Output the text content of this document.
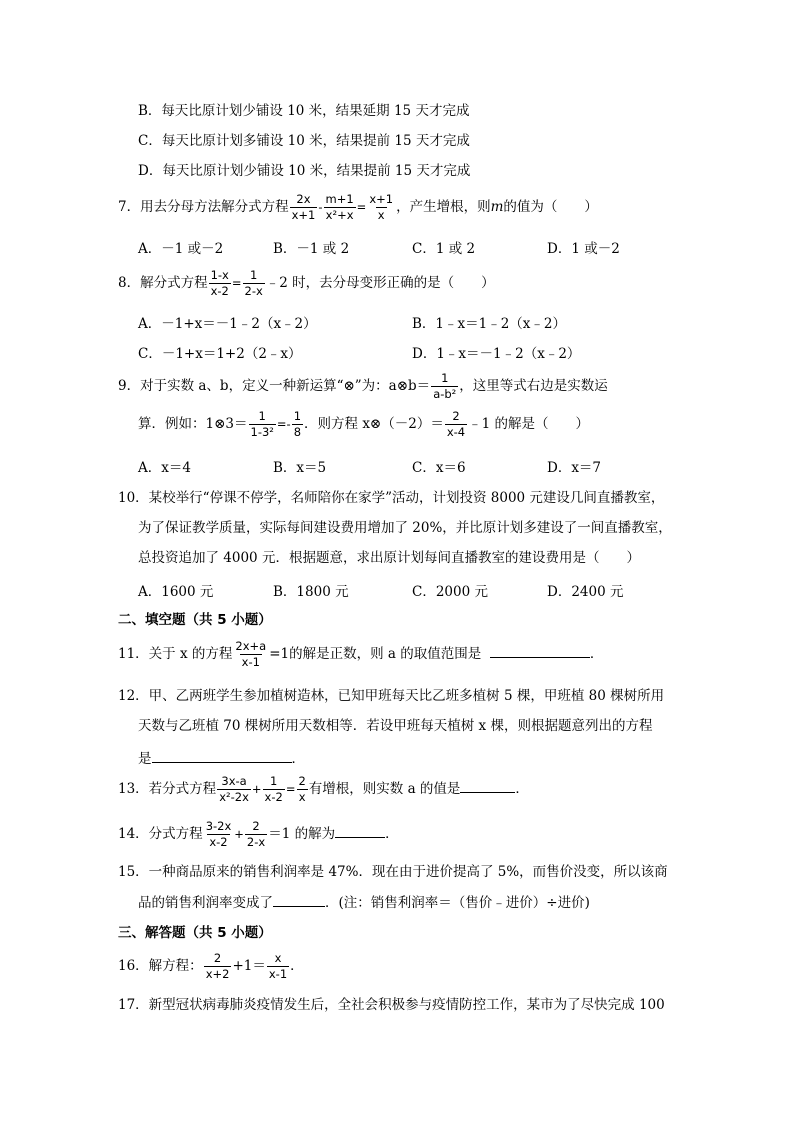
B．每天比原计划少铺设 10 米，结果延期 15 天才完成
C．每天比原计划多铺设 10 米，结果提前 15 天才完成
D．每天比原计划少铺设 10 米，结果提前 15 天才完成
7．用去分母方法解分式方程 $\frac{2x}{x+1} - \frac{m+1}{\text{x²+x}} = \frac{x+1}{x}$ ，产生增根，则m的值为（　　）
A．－1 或－2	B．－1 或 2	C．1 或 2	D．1 或－2
8．解分式方程 $\frac{1-x}{x-2} = \frac{1}{2-x}$ ﹣2 时，去分母变形正确的是（　　）
A．－1+x＝－1﹣2（x﹣2）	B．1﹣x＝1﹣2（x﹣2）
C．－1+x＝1+2（2﹣x）	D．1﹣x＝－1﹣2（x﹣2）
9．对于实数 a、b，定义一种新运算“⊗”为：a⊗b＝ $\frac{1}{\text{a-b²}}$ ，这里等式右边是实数运
算．例如：1⊗3＝ $\frac{1}{\text{1-3²}} =- \frac{1}{8}$ ．则方程 x⊗（－2）＝ $\frac{2}{x-4}$ ﹣1 的解是（　　）
A．x＝4	B．x＝5	C．x＝6	D．x＝7
10．某校举行“停课不停学，名师陪你在家学”活动，计划投资 8000 元建设几间直播教室，
为了保证教学质量，实际每间建设费用增加了 20%，并比原计划多建设了一间直播教室，
总投资追加了 4000 元．根据题意，求出原计划每间直播教室的建设费用是（　　）
A．1600 元	B．1800 元	C．2000 元	D．2400 元
二、填空题（共 5 小题）
11．关于 x 的方程 $\frac{2x+a}{x-1} =1$的解是正数，则 a 的取值范围是	．
12．甲、乙两班学生参加植树造林，已知甲班每天比乙班多植树 5 棵，甲班植 80 棵树所用
天数与乙班植 70 棵树所用天数相等．若设甲班每天植树 x 棵，则根据题意列出的方程
是	．
13．若分式方程 $\frac{3x-a}{\text{x²-2x}} + \frac{1}{x-2} = \frac{2}{x}$ 有增根，则实数 a 的值是	．
14．分式方程 $\frac{3-2x}{x-2} + \frac{2}{2-x} =1$ 的解为	．
15．一种商品原来的销售利润率是 47%．现在由于进价提高了 5%，而售价没变，所以该商
品的销售利润率变成了	．(注：销售利润率＝（售价﹣进价）÷进价)
三、解答题（共 5 小题）
16．解方程： $\frac{2}{x+2} +1= \frac{x}{x-1}$ ．
17．新型冠状病毒肺炎疫情发生后，全社会积极参与疫情防控工作，某市为了尽快完成 100
